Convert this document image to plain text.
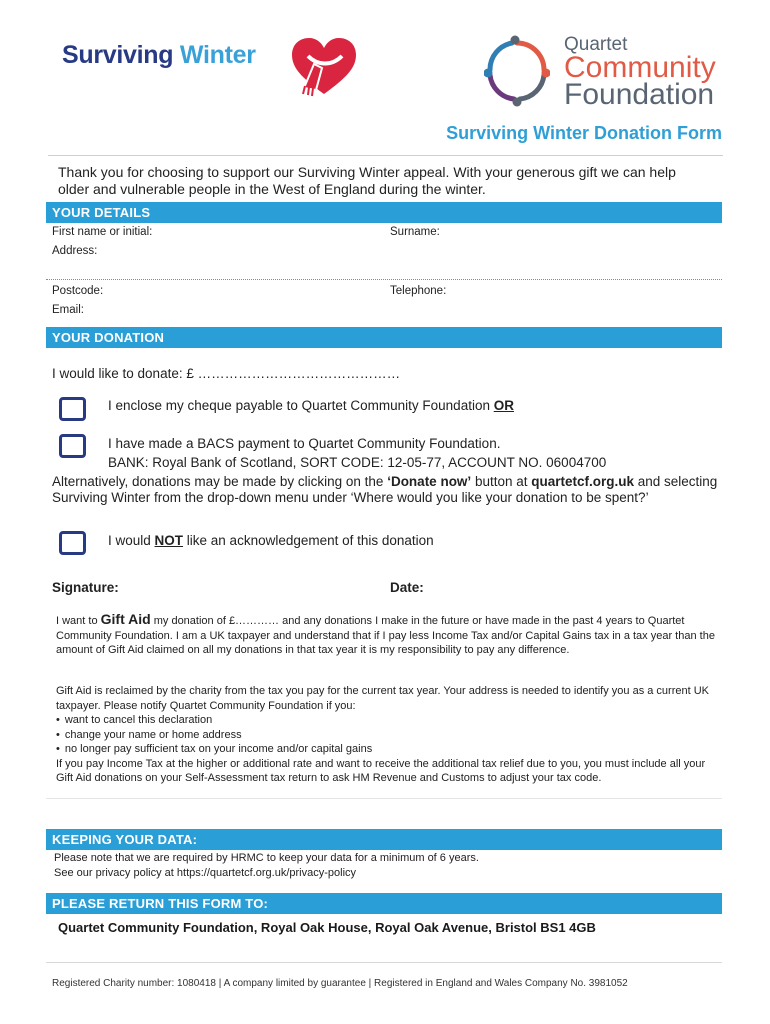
Surviving Winter	Quartet
Community
Foundation
Surviving Winter Donation Form
Thank you for choosing to support our Surviving Winter appeal. With your generous gift we can help older and vulnerable people in the West of England during the winter.
YOUR DETAILS
First name or initial:	Surname:
Address:
Postcode:	Telephone:
Email:
YOUR DONATION
I would like to donate: £ ………………………………………
I enclose my cheque payable to Quartet Community Foundation OR
I have made a BACS payment to Quartet Community Foundation.
BANK: Royal Bank of Scotland, SORT CODE: 12-05-77, ACCOUNT NO. 06004700
Alternatively, donations may be made by clicking on the ‘Donate now’ button at quartetcf.org.uk and selecting Surviving Winter from the drop-down menu under ‘Where would you like your donation to be spent?’
I would NOT like an acknowledgement of this donation
Signature:	Date:
I want to Gift Aid my donation of £………… and any donations I make in the future or have made in the past 4 years to Quartet Community Foundation. I am a UK taxpayer and understand that if I pay less Income Tax and/or Capital Gains tax in a tax year than the amount of Gift Aid claimed on all my donations in that tax year it is my responsibility to pay any difference.
Gift Aid is reclaimed by the charity from the tax you pay for the current tax year. Your address is needed to identify you as a current UK taxpayer. Please notify Quartet Community Foundation if you:
• want to cancel this declaration
• change your name or home address
• no longer pay sufficient tax on your income and/or capital gains
If you pay Income Tax at the higher or additional rate and want to receive the additional tax relief due to you, you must include all your Gift Aid donations on your Self-Assessment tax return to ask HM Revenue and Customs to adjust your tax code.
KEEPING YOUR DATA:
Please note that we are required by HRMC to keep your data for a minimum of 6 years.
See our privacy policy at https://quartetcf.org.uk/privacy-policy
PLEASE RETURN THIS FORM TO:
Quartet Community Foundation, Royal Oak House, Royal Oak Avenue, Bristol BS1 4GB
Registered Charity number: 1080418 | A company limited by guarantee | Registered in England and Wales Company No. 3981052
